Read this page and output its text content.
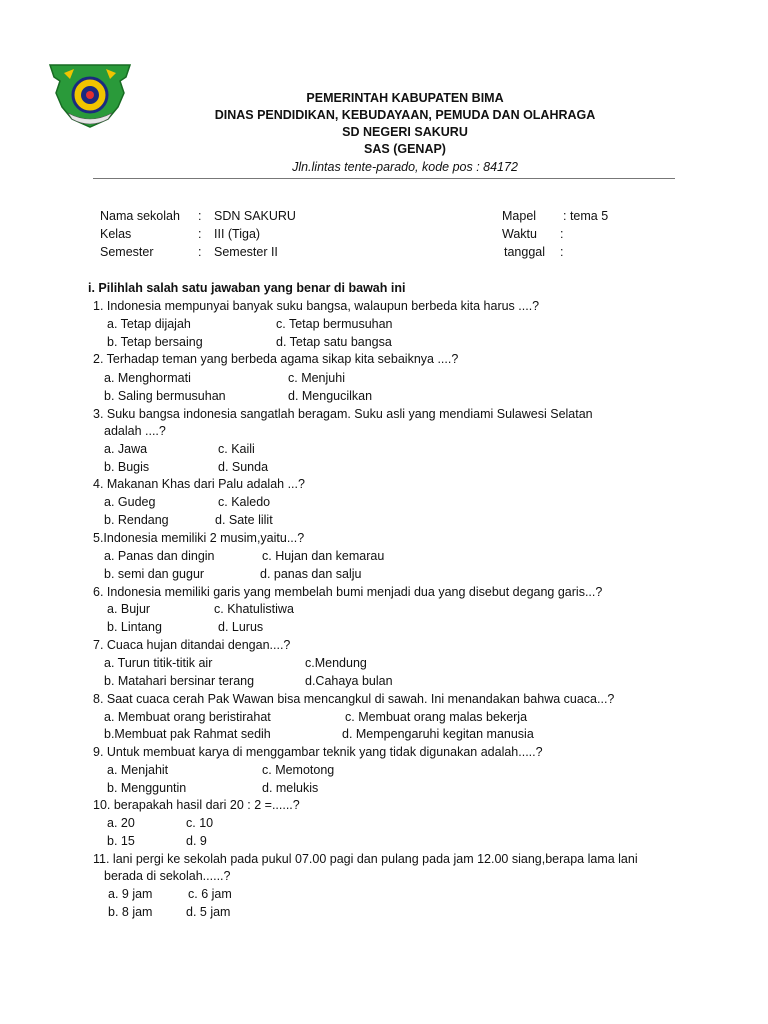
PEMERINTAH KABUPATEN BIMA
DINAS PENDIDIKAN, KEBUDAYAAN, PEMUDA DAN OLAHRAGA
SD NEGERI SAKURU
SAS (GENAP)
Jln.lintas tente-parado, kode pos : 84172
Nama sekolah : SDN SAKURU
Kelas	: III (Tiga)
Semester	: Semester II
Mapel : tema 5
Waktu :
tanggal :
i. Pilihlah salah satu jawaban yang benar di bawah ini
1. Indonesia mempunyai banyak suku bangsa, walaupun berbeda kita harus ....?
a. Tetap dijajah	c. Tetap bermusuhan
b. Tetap bersaing	d. Tetap satu bangsa
2. Terhadap teman yang berbeda agama sikap kita sebaiknya ....?
a. Menghormati	c. Menjuhi
b. Saling bermusuhan	d. Mengucilkan
3. Suku bangsa indonesia sangatlah beragam. Suku asli yang mendiami Sulawesi Selatan
adalah ....?
a. Jawa	c. Kaili
b. Bugis	d. Sunda
4. Makanan Khas dari Palu adalah ...?
a. Gudeg	c. Kaledo
b. Rendang	d. Sate lilit
5.Indonesia memiliki 2 musim,yaitu...?
a. Panas dan dingin	c. Hujan dan kemarau
b. semi dan gugur	d. panas dan salju
6. Indonesia memiliki garis yang membelah bumi menjadi dua yang disebut degang garis...?
a. Bujur	c. Khatulistiwa
b. Lintang	d. Lurus
7. Cuaca hujan ditandai dengan....?
a. Turun titik-titik air	c.Mendung
b. Matahari bersinar terang	d.Cahaya bulan
8. Saat cuaca cerah Pak Wawan bisa mencangkul di sawah. Ini menandakan bahwa cuaca...?
a. Membuat orang beristirahat	c. Membuat orang malas bekerja
b.Membuat pak Rahmat sedih	d. Mempengaruhi kegitan manusia
9. Untuk membuat karya di menggambar teknik yang tidak digunakan adalah.....?
a. Menjahit	c. Memotong
b. Mengguntin	d. melukis
10. berapakah hasil dari 20 : 2 =......?
a. 20	c. 10
b. 15	d. 9
11. lani pergi ke sekolah pada pukul 07.00 pagi dan pulang pada jam 12.00 siang,berapa lama lani
berada di sekolah......?
a. 9 jam	c. 6 jam
b. 8 jam	d. 5 jam
